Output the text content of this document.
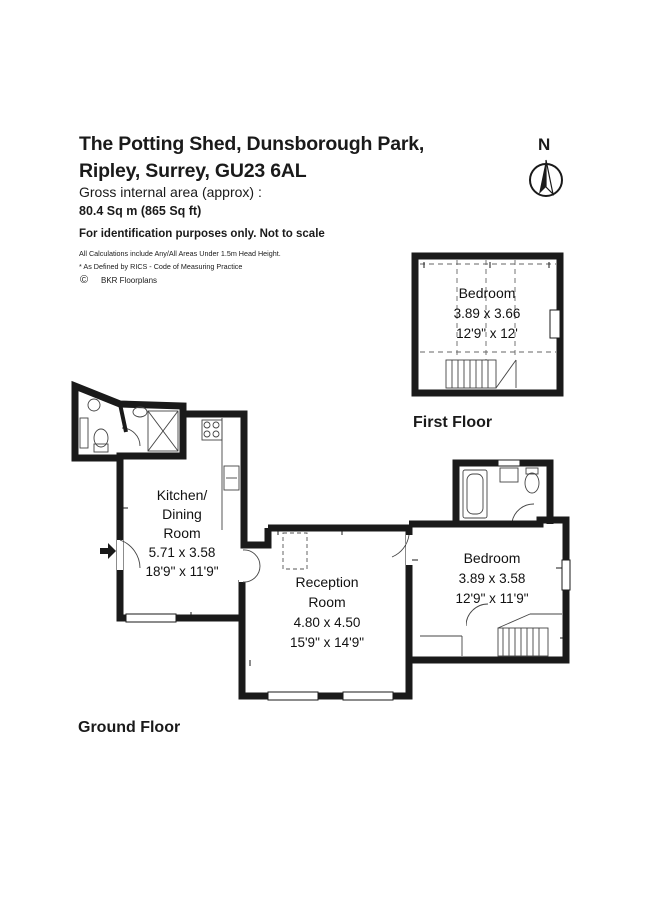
The Potting Shed, Dunsborough Park,
Ripley, Surrey, GU23 6AL
Gross internal area (approx) :
80.4 Sq m (865 Sq ft)
For identification purposes only. Not to scale
All Calculations include Any/All Areas Under 1.5m Head Height.
* As Defined by RICS - Code of Measuring Practice
© BKR Floorplans
N
First Floor
Ground Floor
Bedroom
3.89 x 3.66
12'9" x 12'
Kitchen/
Dining
Room
5.71 x 3.58
18'9" x 11'9"
Reception
Room
4.80 x 4.50
15'9" x 14'9"
Bedroom
3.89 x 3.58
12'9" x 11'9"
